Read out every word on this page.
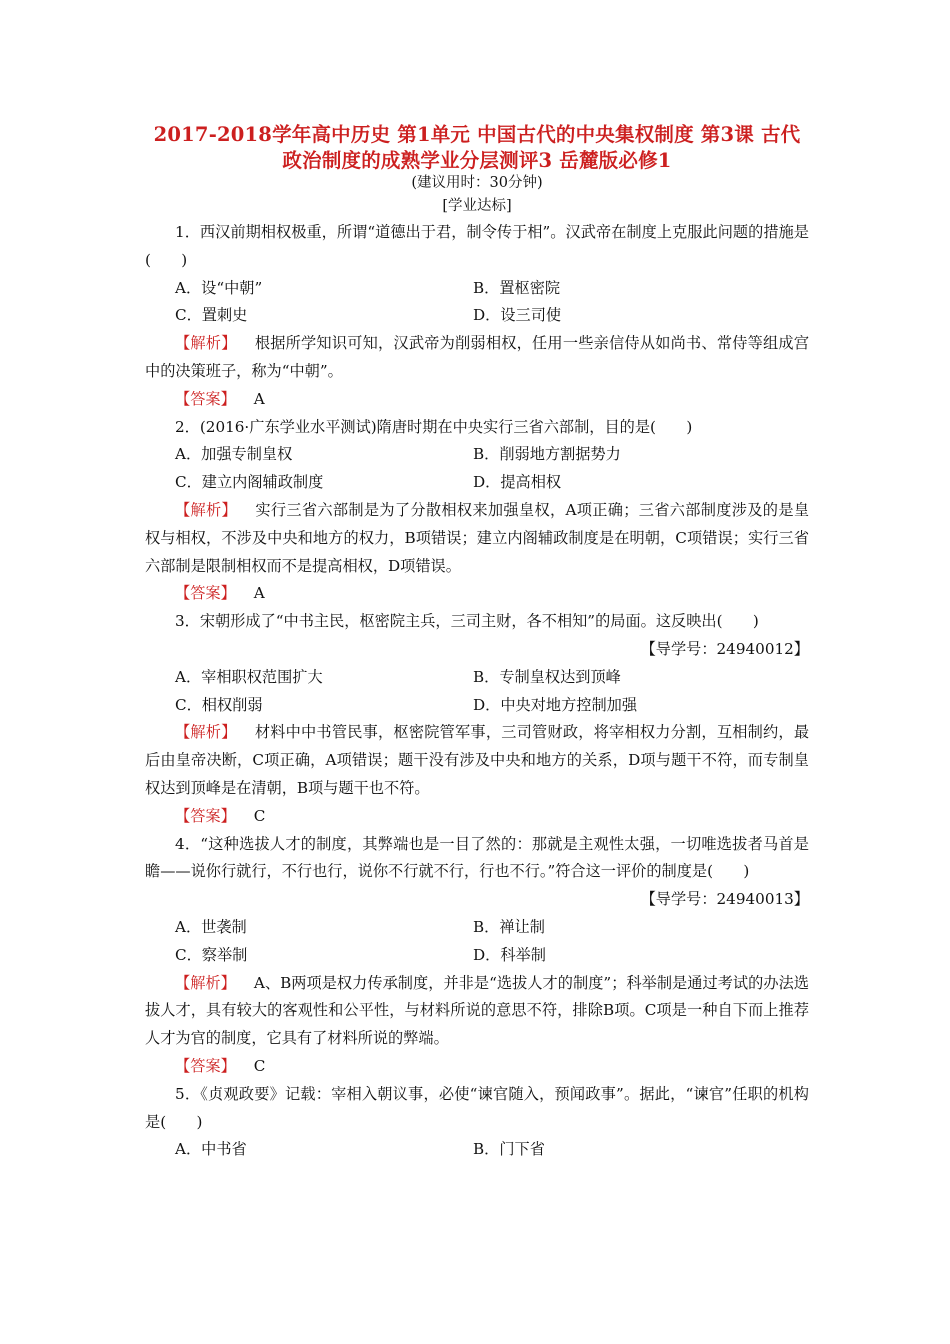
2017-2018学年高中历史 第1单元 中国古代的中央集权制度 第3课 古代政治制度的成熟学业分层测评3 岳麓版必修1
(建议用时：30分钟)
[学业达标]

1．西汉前期相权极重，所谓“道德出于君，制令传于相”。汉武帝在制度上克服此问题的措施是(　　)

A．设“中朝”	B．置枢密院
C．置刺史	D．设三司使

【解析】 根据所学知识可知，汉武帝为削弱相权，任用一些亲信侍从如尚书、常侍等组成宫中的决策班子，称为“中朝”。

【答案】 A

2．(2016·广东学业水平测试)隋唐时期在中央实行三省六部制，目的是(　　)

A．加强专制皇权	B．削弱地方割据势力
C．建立内阁辅政制度	D．提高相权

【解析】 实行三省六部制是为了分散相权来加强皇权，A项正确；三省六部制度涉及的是皇权与相权，不涉及中央和地方的权力，B项错误；建立内阁辅政制度是在明朝，C项错误；实行三省六部制是限制相权而不是提高相权，D项错误。

【答案】 A

3．宋朝形成了“中书主民，枢密院主兵，三司主财，各不相知”的局面。这反映出(　　)

【导学号：24940012】
A．宰相职权范围扩大	B．专制皇权达到顶峰
C．相权削弱	D．中央对地方控制加强

【解析】 材料中中书管民事，枢密院管军事，三司管财政，将宰相权力分割，互相制约，最后由皇帝决断，C项正确，A项错误；题干没有涉及中央和地方的关系，D项与题干不符，而专制皇权达到顶峰是在清朝，B项与题干也不符。

【答案】 C

4．“这种选拔人才的制度，其弊端也是一目了然的：那就是主观性太强，一切唯选拔者马首是瞻——说你行就行，不行也行，说你不行就不行，行也不行。”符合这一评价的制度是(　　)

【导学号：24940013】
A．世袭制	B．禅让制
C．察举制	D．科举制

【解析】 A、B两项是权力传承制度，并非是“选拔人才的制度”；科举制是通过考试的办法选拔人才，具有较大的客观性和公平性，与材料所说的意思不符，排除B项。C项是一种自下而上推荐人才为官的制度，它具有了材料所说的弊端。

【答案】 C

5．《贞观政要》记载：宰相入朝议事，必使“谏官随入，预闻政事”。据此，“谏官”任职的机构是(　　)

A．中书省	B．门下省
